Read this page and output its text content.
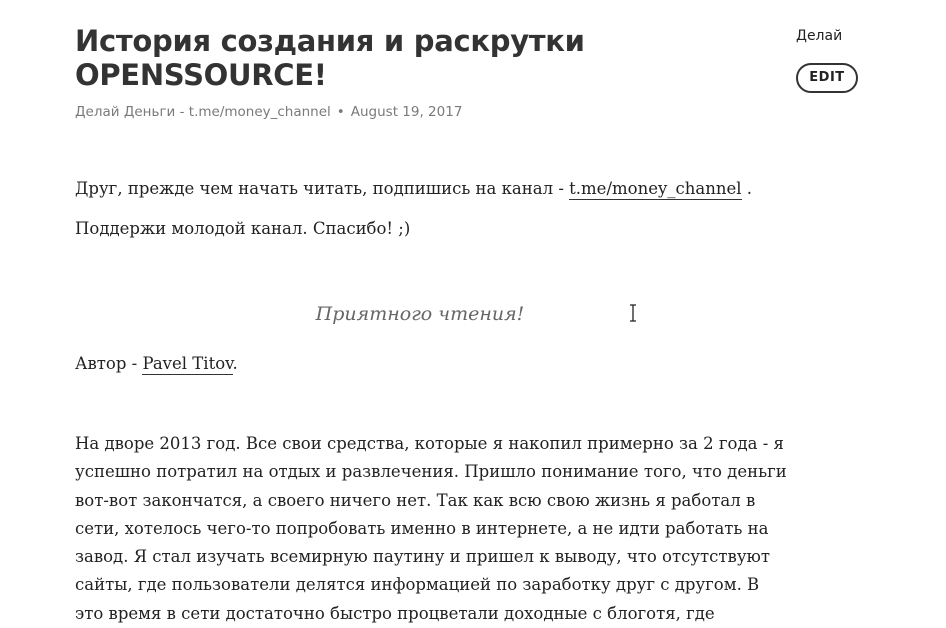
История создания и раскрутки
OPENSSOURCE!
Делай Деньги - t.me/money_channel • August 19, 2017

Друг, прежде чем начать читать, подпишись на канал - t.me/money_channel .

Поддержи молодой канал. Спасибо! ;)

Приятного чтения!

Автор - Pavel Titov.

На дворе 2013 год. Все свои средства, которые я накопил примерно за 2 года - я
успешно потратил на отдых и развлечения. Пришло понимание того, что деньги
вот-вот закончатся, а своего ничего нет. Так как всю свою жизнь я работал в
сети, хотелось чего-то попробовать именно в интернете, а не идти работать на
завод. Я стал изучать всемирную паутину и пришел к выводу, что отсутствуют
сайты, где пользователи делятся информацией по заработку друг с другом. В
это время в сети достаточно быстро процветали доходные с блоготя, где

Делай
EDIT
